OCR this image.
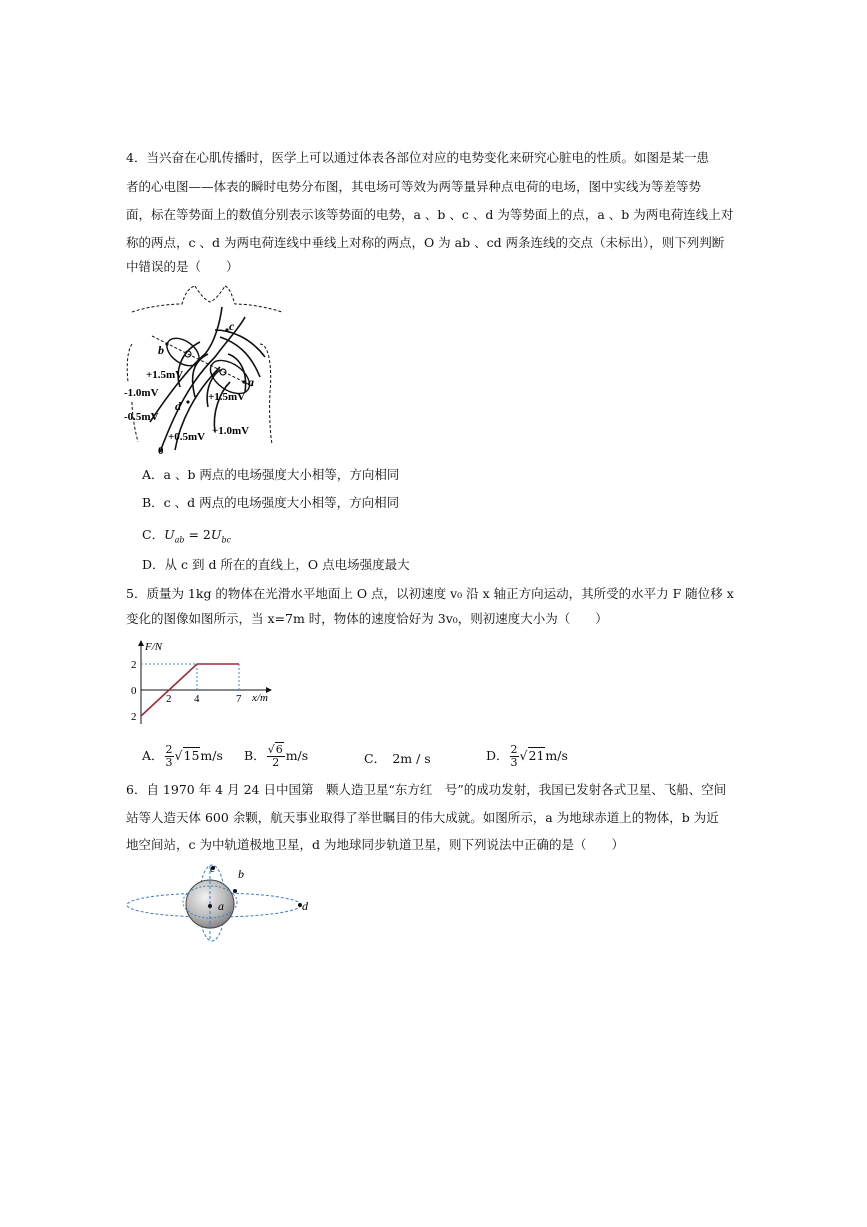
4．当兴奋在心肌传播时，医学上可以通过体表各部位对应的电势变化来研究心脏电的性质。如图是某一患
者的心电图——体表的瞬时电势分布图，其电场可等效为两等量异种点电荷的电场，图中实线为等差等势
面，标在等势面上的数值分别表示该等势面的电势，a 、b 、c 、d 为等势面上的点，a 、b 为两电荷连线上对
称的两点，c 、d 为两电荷连线中垂线上对称的两点，O 为 ab 、cd 两条连线的交点（未标出），则下列判断
中错误的是（　　）
b
c
a
d
+1.5mV
-1.0mV	+1.5mV
-0.5mV
+1.0mV
+0.5mV
0
A．a 、b 两点的电场强度大小相等，方向相同
B．c 、d 两点的电场强度大小相等，方向相同
C．$U_{ab} = 2U_{bc}$
D．从 c 到 d 所在的直线上，O 点电场强度最大
5．质量为 1kg 的物体在光滑水平地面上 O 点，以初速度 v₀ 沿 x 轴正方向运动，其所受的水平力 F 随位移 x
变化的图像如图所示，当 x=7m 时，物体的速度恰好为 3v₀，则初速度大小为（　　）
F/N
x/m
2 4	7
2
0
2
A． $\frac{2}{3} √15m/s$ B． $\frac{√6}{2} m/s$	C．　2m / s	D． $\frac{2}{3} √21m/s$
6．自 1970 年 4 月 24 日中国第　颗人造卫星“东方红　号”的成功发射，我国已发射各式卫星、飞船、空间
站等人造天体 600 余颗，航天事业取得了举世瞩目的伟大成就。如图所示，a 为地球赤道上的物体，b 为近
地空间站，c 为中轨道极地卫星，d 为地球同步轨道卫星，则下列说法中正确的是（　　）
c b
a	d
